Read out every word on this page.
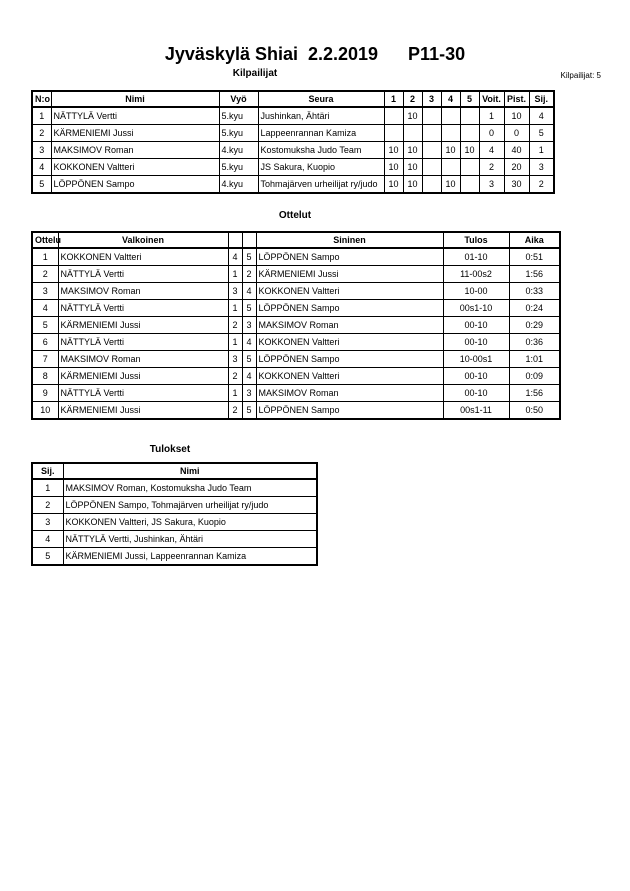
Jyväskylä Shiai  2.2.2019      P11-30
Kilpailijat	Kilpailijat: 5
N:o	Nimi	Vyö	Seura	1	2	3	4	5	Voit.	Pist.	Sij.
1	NÄTTYLÄ Vertti	5.kyu	Jushinkan, Ähtäri		10				1	10	4
2	KÄRMENIEMI Jussi	5.kyu	Lappeenrannan Kamiza						0	0	5
3	MAKSIMOV Roman	4.kyu	Kostomuksha Judo Team	10	10		10	10	4	40	1
4	KOKKONEN Valtteri	5.kyu	JS Sakura, Kuopio	10	10				2	20	3
5	LÖPPÖNEN Sampo	4.kyu	Tohmajärven urheilijat ry/judo	10	10		10		3	30	2
Ottelut
Ottelu	Valkoinen			Sininen	Tulos	Aika
1	KOKKONEN Valtteri	4	5	LÖPPÖNEN Sampo	01-10	0:51
2	NÄTTYLÄ Vertti	1	2	KÄRMENIEMI Jussi	11-00s2	1:56
3	MAKSIMOV Roman	3	4	KOKKONEN Valtteri	10-00	0:33
4	NÄTTYLÄ Vertti	1	5	LÖPPÖNEN Sampo	00s1-10	0:24
5	KÄRMENIEMI Jussi	2	3	MAKSIMOV Roman	00-10	0:29
6	NÄTTYLÄ Vertti	1	4	KOKKONEN Valtteri	00-10	0:36
7	MAKSIMOV Roman	3	5	LÖPPÖNEN Sampo	10-00s1	1:01
8	KÄRMENIEMI Jussi	2	4	KOKKONEN Valtteri	00-10	0:09
9	NÄTTYLÄ Vertti	1	3	MAKSIMOV Roman	00-10	1:56
10	KÄRMENIEMI Jussi	2	5	LÖPPÖNEN Sampo	00s1-11	0:50
Tulokset
Sij.	Nimi
1	MAKSIMOV Roman, Kostomuksha Judo Team
2	LÖPPÖNEN Sampo, Tohmajärven urheilijat ry/judo
3	KOKKONEN Valtteri, JS Sakura, Kuopio
4	NÄTTYLÄ Vertti, Jushinkan, Ähtäri
5	KÄRMENIEMI Jussi, Lappeenrannan Kamiza
